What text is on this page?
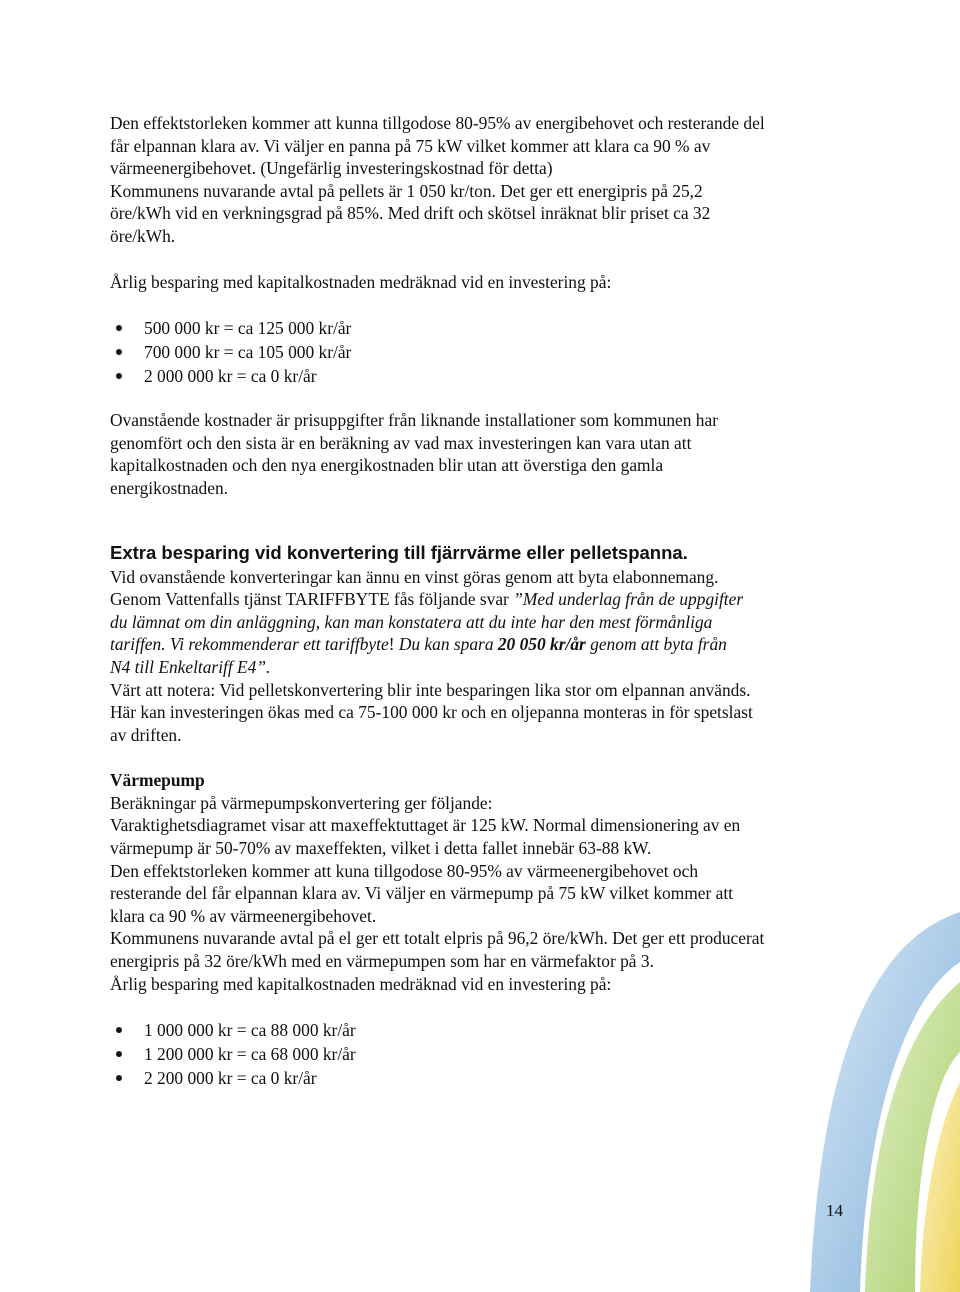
Den effektstorleken kommer att kunna tillgodose 80-95% av energibehovet och resterande del
får elpannan klara av. Vi väljer en panna på 75 kW vilket kommer att klara ca 90 % av
värmeenergibehovet. (Ungefärlig investeringskostnad för detta)
Kommunens nuvarande avtal på pellets är 1 050 kr/ton. Det ger ett energipris på 25,2
öre/kWh vid en verkningsgrad på 85%. Med drift och skötsel inräknat blir priset ca 32
öre/kWh.

Årlig besparing med kapitalkostnaden medräknad vid en investering på:

500 000 kr = ca 125 000 kr/år
700 000 kr = ca 105 000 kr/år
2 000 000 kr = ca 0 kr/år

Ovanstående kostnader är prisuppgifter från liknande installationer som kommunen har
genomfört och den sista är en beräkning av vad max investeringen kan vara utan att
kapitalkostnaden och den nya energikostnaden blir utan att överstiga den gamla
energikostnaden.

Extra besparing vid konvertering till fjärrvärme eller pelletspanna.

Vid ovanstående konverteringar kan ännu en vinst göras genom att byta elabonnemang.
Genom Vattenfalls tjänst TARIFFBYTE fås följande svar ”Med underlag från de uppgifter
du lämnat om din anläggning, kan man konstatera att du inte har den mest förmånliga
tariffen. Vi rekommenderar ett tariffbyte! Du kan spara 20 050 kr/år genom att byta från
N4 till Enkeltariff E4”.
Värt att notera: Vid pelletskonvertering blir inte besparingen lika stor om elpannan används.
Här kan investeringen ökas med ca 75-100 000 kr och en oljepanna monteras in för spetslast
av driften.

Värmepump

Beräkningar på värmepumpskonvertering ger följande:
Varaktighetsdiagramet visar att maxeffektuttaget är 125 kW. Normal dimensionering av en
värmepump är 50-70% av maxeffekten, vilket i detta fallet innebär 63-88 kW.
Den effektstorleken kommer att kuna tillgodose 80-95% av värmeenergibehovet och
resterande del får elpannan klara av. Vi väljer en värmepump på 75 kW vilket kommer att
klara ca 90 % av värmeenergibehovet.
Kommunens nuvarande avtal på el ger ett totalt elpris på 96,2 öre/kWh. Det ger ett producerat
energipris på 32 öre/kWh med en värmepumpen som har en värmefaktor på 3.
Årlig besparing med kapitalkostnaden medräknad vid en investering på:

1 000 000 kr = ca 88 000 kr/år
1 200 000 kr = ca 68 000 kr/år
2 200 000 kr = ca 0 kr/år
14
